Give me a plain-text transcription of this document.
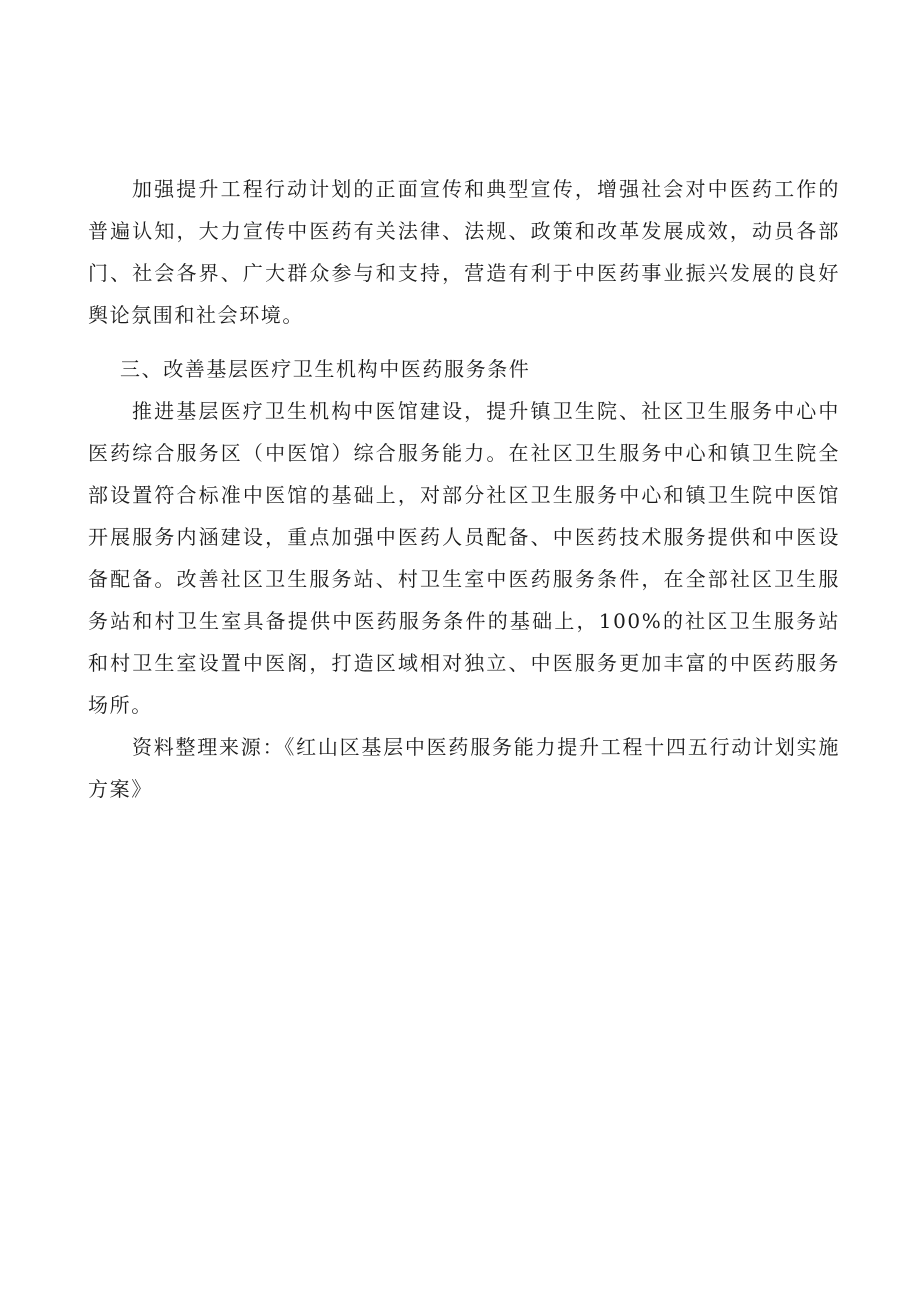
加强提升工程行动计划的正面宣传和典型宣传，增强社会对中医药工作的普遍认知，大力宣传中医药有关法律、法规、政策和改革发展成效，动员各部门、社会各界、广大群众参与和支持，营造有利于中医药事业振兴发展的良好舆论氛围和社会环境。

三、改善基层医疗卫生机构中医药服务条件

推进基层医疗卫生机构中医馆建设，提升镇卫生院、社区卫生服务中心中医药综合服务区（中医馆）综合服务能力。在社区卫生服务中心和镇卫生院全部设置符合标准中医馆的基础上，对部分社区卫生服务中心和镇卫生院中医馆开展服务内涵建设，重点加强中医药人员配备、中医药技术服务提供和中医设备配备。改善社区卫生服务站、村卫生室中医药服务条件，在全部社区卫生服务站和村卫生室具备提供中医药服务条件的基础上，100%的社区卫生服务站和村卫生室设置中医阁，打造区域相对独立、中医服务更加丰富的中医药服务场所。

资料整理来源：《红山区基层中医药服务能力提升工程十四五行动计划实施方案》
